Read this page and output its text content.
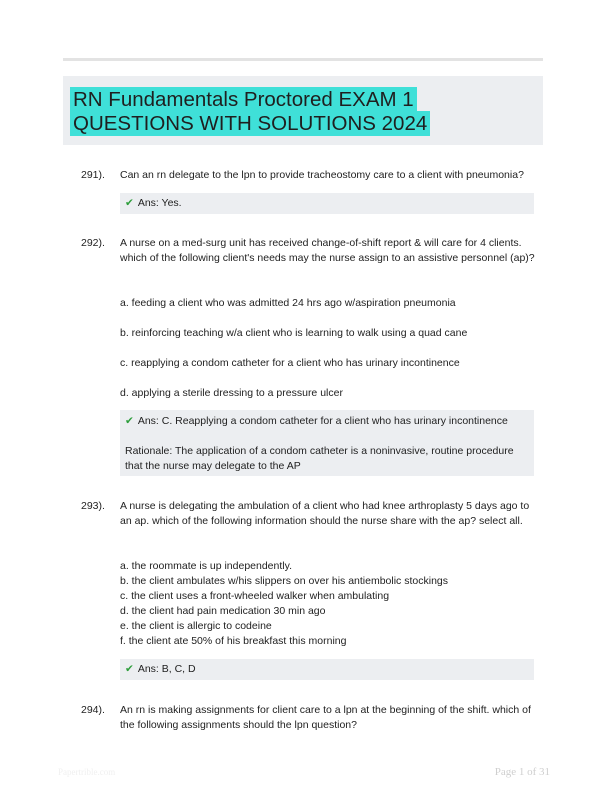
RN Fundamentals Proctored EXAM 1
QUESTIONS WITH SOLUTIONS 2024
291). Can an rn delegate to the lpn to provide tracheostomy care to a client with pneumonia?
✔ Ans: Yes.
292). A nurse on a med-surg unit has received change-of-shift report & will care for 4 clients. which of the following client's needs may the nurse assign to an assistive personnel (ap)?
a. feeding a client who was admitted 24 hrs ago w/aspiration pneumonia
b. reinforcing teaching w/a client who is learning to walk using a quad cane
c. reapplying a condom catheter for a client who has urinary incontinence
d. applying a sterile dressing to a pressure ulcer
✔ Ans: C. Reapplying a condom catheter for a client who has urinary incontinence
Rationale: The application of a condom catheter is a noninvasive, routine procedure that the nurse may delegate to the AP
293). A nurse is delegating the ambulation of a client who had knee arthroplasty 5 days ago to an ap. which of the following information should the nurse share with the ap? select all.
a. the roommate is up independently.
b. the client ambulates w/his slippers on over his antiembolic stockings
c. the client uses a front-wheeled walker when ambulating
d. the client had pain medication 30 min ago
e. the client is allergic to codeine
f. the client ate 50% of his breakfast this morning
✔ Ans: B, C, D
294). An rn is making assignments for client care to a lpn at the beginning of the shift. which of the following assignments should the lpn question?
Papertrible.com	Page 1 of 31
